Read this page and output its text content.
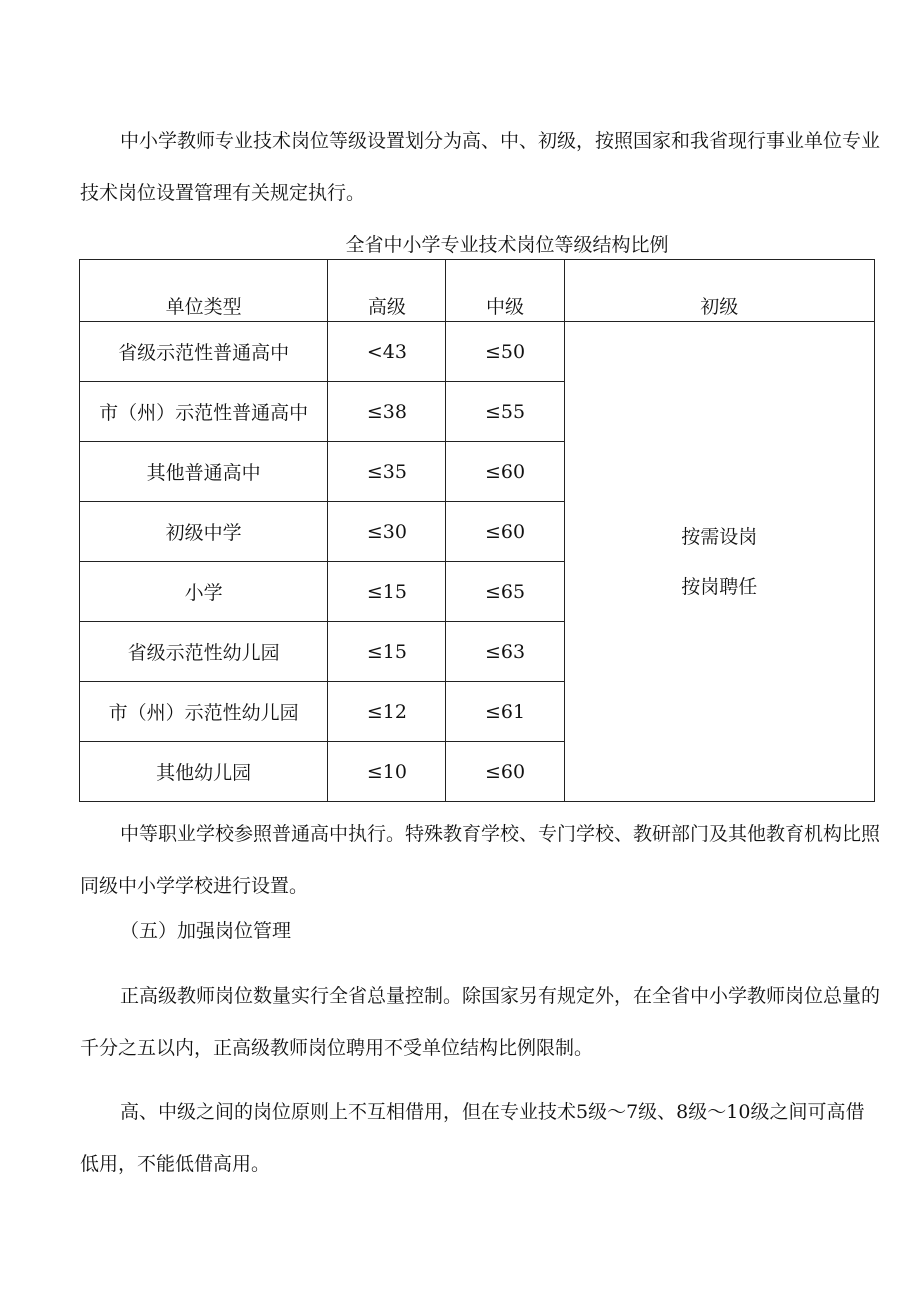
中小学教师专业技术岗位等级设置划分为高、中、初级，按照国家和我省现行事业单位专业技术岗位设置管理有关规定执行。

全省中小学专业技术岗位等级结构比例

单位类型	高级	中级	初级
省级示范性普通高中	<43	≤50	按需设岗
按岗聘任

市（州）示范性普通高中	≤38	≤55	
其他普通高中	≤35	≤60	
初级中学	≤30	≤60	
小学	≤15	≤65	
省级示范性幼儿园	≤15	≤63	
市（州）示范性幼儿园	≤12	≤61	
其他幼儿园	≤10	≤60	

中等职业学校参照普通高中执行。特殊教育学校、专门学校、教研部门及其他教育机构比照同级中小学学校进行设置。

（五）加强岗位管理

正高级教师岗位数量实行全省总量控制。除国家另有规定外，在全省中小学教师岗位总量的千分之五以内，正高级教师岗位聘用不受单位结构比例限制。

高、中级之间的岗位原则上不互相借用，但在专业技术5级～7级、8级～10级之间可高借低用，不能低借高用。
